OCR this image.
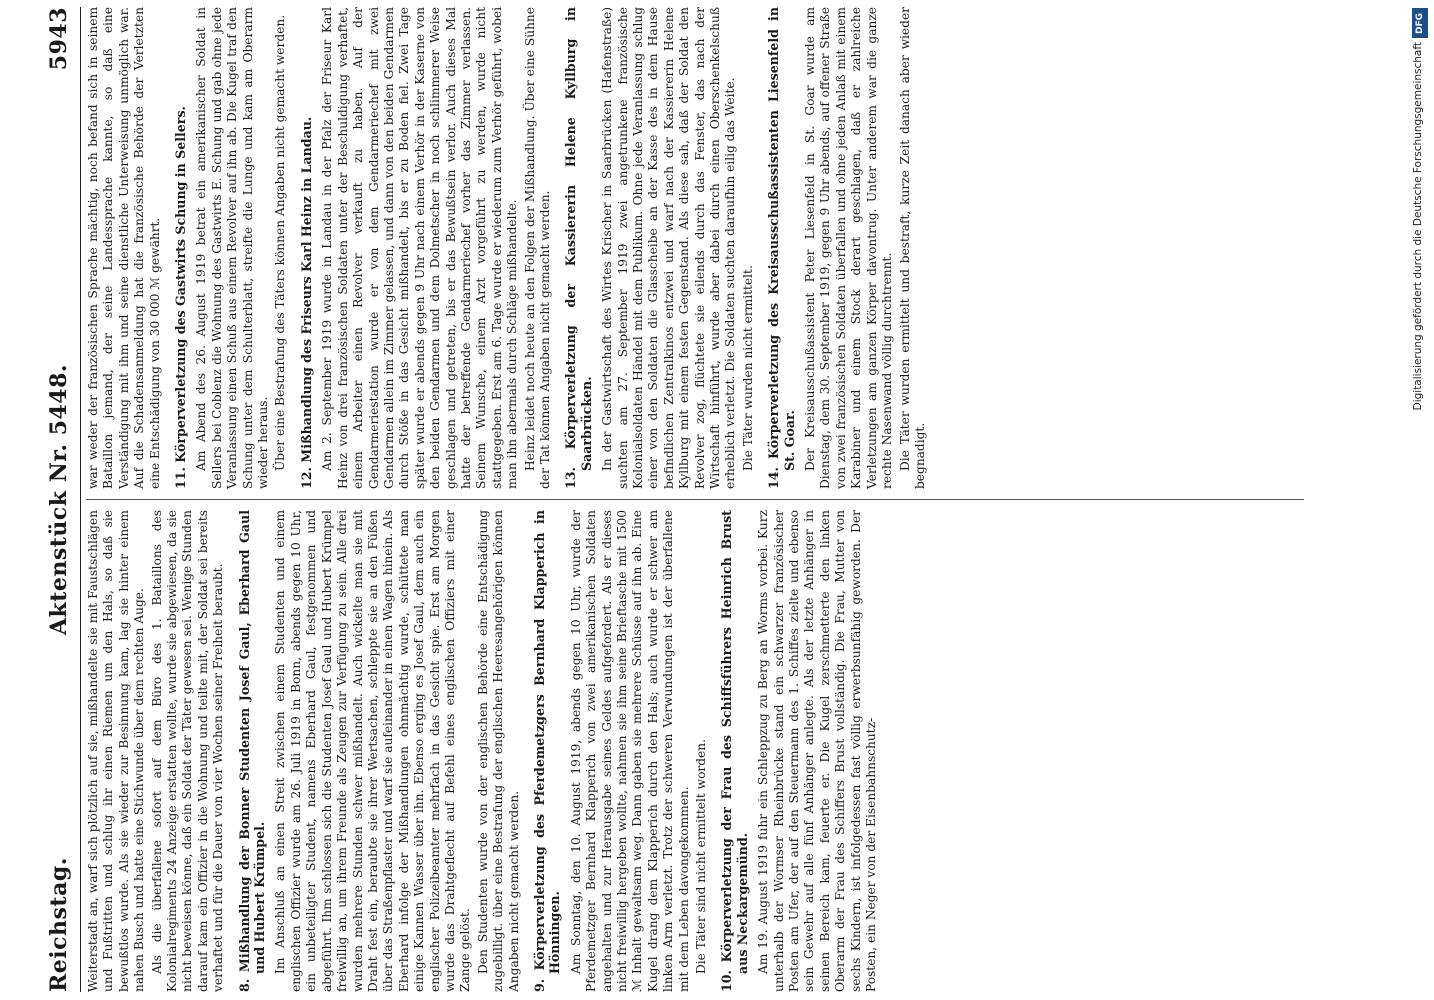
Reichstag.
Aktenstück Nr. 5448.
5943

Weiterstadt an, warf sich plötzlich auf sie, mißhandelte sie mit Faustschlägen und Fußtritten und schlug ihr einen Riemen um den Hals, so daß sie bewußtlos wurde. Als sie wieder zur Besinnung kam, lag sie hinter einem nahen Busch und hatte eine Stichwunde über dem rechten Auge. Als die überfallene sofort auf dem Büro des 1. Bataillons des Kolonialregiments 24 Anzeige erstatten wollte, wurde sie abgewiesen, da sie nicht beweisen könne, daß ein Soldat der Täter gewesen sei. Wenige Stunden darauf kam ein Offizier in die Wohnung und teilte mit, der Soldat sei bereits verhaftet und für die Dauer von vier Wochen seiner Freiheit beraubt. 8. Mißhandlung der Bonner Studenten Josef Gaul, Eberhard Gaul und Hubert Krümpel. Im Anschluß an einen Streit zwischen einem Studenten und einem englischen Offizier wurde am 26. Juli 1919 in Bonn, abends gegen 10 Uhr, ein unbeteiligter Student, namens Eberhard Gaul, festgenommen und abgeführt. Ihm schlossen sich die Studenten Josef Gaul und Hubert Krümpel freiwillig an, um ihrem Freunde als Zeugen zur Verfügung zu sein. Alle drei wurden mehrere Stunden schwer mißhandelt. Auch wickelte man sie mit Draht fest ein, beraubte sie ihrer Wertsachen, schleppte sie an den Füßen über das Straßenpflaster und warf sie aufeinander in einen Wagen hinein. Als Eberhard infolge der Mißhandlungen ohnmächtig wurde, schüttete man einige Kannen Wasser über ihn. Ebenso erging es Josef Gaul, dem auch ein englischer Polizeibeamter mehrfach in das Gesicht spie. Erst am Morgen wurde das Drahtgeflecht auf Befehl eines englischen Offiziers mit einer Zange gelöst. Den Studenten wurde von der englischen Behörde eine Entschädigung zugebilligt. über eine Bestrafung der englischen Heeresangehörigen können Angaben nicht gemacht werden. 9. Körperverletzung des Pferdemetzgers Bernhard Klapperich in Hönningen. Am Sonntag, den 10. August 1919, abends gegen 10 Uhr, wurde der Pferdemetzger Bernhard Klapperich von zwei amerikanischen Soldaten angehalten und zur Herausgabe seines Geldes aufgefordert. Als er dieses nicht freiwillig hergeben wollte, nahmen sie ihm seine Brieftasche mit 1500 ℳ Inhalt gewaltsam weg. Dann gaben sie mehrere Schüsse auf ihn ab. Eine Kugel drang dem Klapperich durch den Hals; auch wurde er schwer am linken Arm verletzt. Trotz der schweren Verwundungen ist der überfallene mit dem Leben davongekommen. Die Täter sind nicht ermittelt worden.

10. Körperverletzung der Frau des Schiffsführers Heinrich Brust aus Neckargemünd. Am 19. August 1919 fuhr ein Schleppzug zu Berg an Worms vorbei. Kurz unterhalb der Wormser Rheinbrücke stand ein schwarzer französischer Posten am Ufer, der auf den Steuermann des 1. Schiffes zielte und ebenso sein Gewehr auf alle fünf Anhänger anlegte. Als der letzte Anhänger in seinen Bereich kam, feuerte er. Die Kugel zerschmetterte den linken Oberarm der Frau des Schiffers Brust vollständig. Die Frau, Mutter von sechs Kindern, ist infolgedessen fast völlig erwerbsunfähig geworden. Der Posten, ein Neger von der Eisenbahnschutz-

war weder der französischen Sprache mächtig, noch befand sich in seinem Bataillon jemand, der seine Landessprache kannte, so daß eine Verständigung mit ihm und seine dienstliche Unterweisung unmöglich war. Auf die Schadensanmeldung hat die französische Behörde der Verletzten eine Entschädigung von 30 000 ℳ gewährt. 11. Körperverletzung des Gastwirts Schung in Sellers. Am Abend des 26. August 1919 betrat ein amerikanischer Soldat in Sellers bei Coblenz die Wohnung des Gastwirts E. Schung und gab ohne jede Veranlassung einen Schuß aus einem Revolver auf ihn ab. Die Kugel traf den Schung unter dem Schulterblatt, streifte die Lunge und kam am Oberarm wieder heraus. Über eine Bestrafung des Täters können Angaben nicht gemacht werden.

12. Mißhandlung des Friseurs Karl Heinz in Landau. Am 2. September 1919 wurde in Landau in der Pfalz der Friseur Karl Heinz von drei französischen Soldaten unter der Beschuldigung verhaftet, einem Arbeiter einen Revolver verkauft zu haben. Auf der Gendarmeriestation wurde er von dem Gendarmeriechef mit zwei Gendarmen allein im Zimmer gelassen, und dann von den beiden Gendarmen durch Stöße in das Gesicht mißhandelt, bis er zu Boden fiel. Zwei Tage später wurde er abends gegen 9 Uhr nach einem Verhör in der Kaserne von den beiden Gendarmen und dem Dolmetscher in noch schlimmerer Weise geschlagen und getreten, bis er das Bewußtsein verlor. Auch dieses Mal hatte der betreffende Gendarmeriechef vorher das Zimmer verlassen. Seinem Wunsche, einem Arzt vorgeführt zu werden, wurde nicht stattgegeben. Erst am 6. Tage wurde er wiederum zum Verhör geführt, wobei man ihn abermals durch Schläge mißhandelte. Heinz leidet noch heute an den Folgen der Mißhandlung. Über eine Sühne der Tat können Angaben nicht gemacht werden. 13. Körperverletzung der Kassiererin Helene Kyllburg in Saarbrücken. In der Gastwirtschaft des Wirtes Krischer in Saarbrücken (Hafenstraße) suchten am 27. September 1919 zwei angetrunkene französische Kolonialsoldaten Händel mit dem Publikum. Ohne jede Veranlassung schlug einer von den Soldaten die Glasscheibe an der Kasse des in dem Hause befindlichen Zentralkinos entzwei und warf nach der Kassiererin Helene Kyllburg mit einem festen Gegenstand. Als diese sah, daß der Soldat den Revolver zog, flüchtete sie eilends durch das Fenster, das nach der Wirtschaft hinführt, wurde aber dabei durch einen Oberschenkelschuß erheblich verletzt. Die Soldaten suchten daraufhin eilig das Weite. Die Täter wurden nicht ermittelt.

14. Körperverletzung des Kreisausschußassistenten Liesenfeld in St. Goar. Der Kreisausschußassistent Peter Liesenfeld in St. Goar wurde am Dienstag, dem 30. September 1919, gegen 9 Uhr abends, auf offener Straße von zwei französischen Soldaten überfallen und ohne jeden Anlaß mit einem Karabiner und einem Stock derart geschlagen, daß er zahlreiche Verletzungen am ganzen Körper davontrug. Unter anderem war die ganze rechte Nasenwand völlig durchtrennt. Die Täter wurden ermittelt und bestraft, kurze Zeit danach aber wieder begnadigt.

DFG
Digitalisierung gefördert durch die Deutsche Forschungsgemeinschaft
